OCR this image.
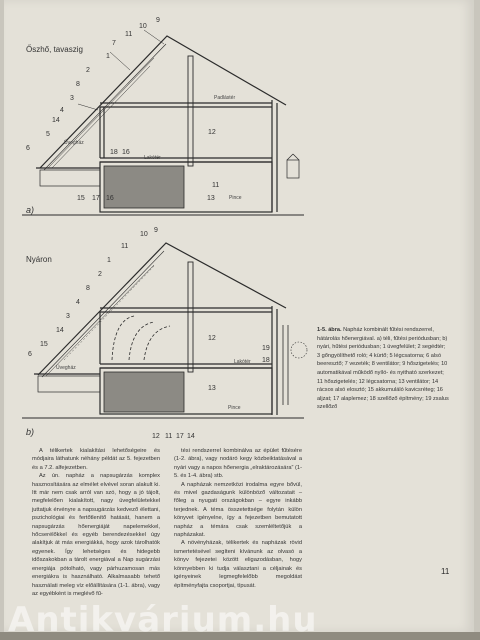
9
10
11
7
1
2
8
3
4
14
5
6
12
11
13
18 16
15 17 16
9
10
11
1
2
8
4
3
14
15
6
12
13
19
18
12 11 17 14
Őszhő, tavaszig
a)
Padlástér
Lakótér
Pince
Üvegház
Nyáron
b)
Lakótér
Pince
Üvegház
1-5. ábra. Napház kombinált fűtési rendszerrel, hátárolás hőenergiával. a) téli, fűtési periódusban; b) nyári, hűtési periódusban; 1 üvegfelület; 2 segédtér; 3 gőngyölíthető roló; 4 kürtő; 5 légcsatorna; 6 alsó beeresztő; 7 vezeték; 8 ventilátor; 9 hőszigetelés; 10 automatikával működő nyíló- és nyitható szerkezet; 11 hőszigetelés; 12 légcsatorna; 13 ventilátor; 14 rácsos alsó elosztó; 15 akkumuláló kavicsréteg; 16 aljzat; 17 alaplemez; 18 szellőző építmény; 19 zsalus szellőző

A télikertek kialakítási lehetőségeire és módjaira láthatunk néhány példát az 5. fejezetben és a 7.2. alfejezetben.

Az ún. napház a napsugárzás komplex hasznosítására az elmélet elvével soran alakult ki. Itt már nem csak arról van szó, hogy a jó tájolt, megfelelően kialakított, nagy üvegfelületekkel juttatjuk érvényre a napsugárzás kedvező élettani, pszichológiai és fertőtlenítő hatását, hanem a napsugárzás hőenergiáját napelemekkel, hőcserélőkkel és egyéb berendezésekkel úgy alakítjuk át más energiákká, hogy azok tárolhatók egyenek. Így lehetséges és hidegebb időszakokban a tárolt energiával a Nap sugárzási energiája pótolható, vagy párhuzamosan más energiákra is használható. Alkalmasabb tehető használati meleg víz előállítására (1-1. ábra), vagy az egyébként is meglévő fű-

tési rendszerrel kombinálva az épület fűtésére (1-2. ábra), vagy nodáró kegy közbeiktatásával a nyári vagy a napos hőenergia „elraktározására” (1-5. és 1-4. ábra) stb.

A napházak nemzetközi irodalma egyre bővül, és mivel gazdaságunk különböző változatait – főleg a nyugati országokban – egyre inkább terjednek. A téma összetettsége folytán külön könyvet igényelne, így a fejezetben bemutatott napház a témára csak szemléltetőjük a napházakat.

A növényházak, télikertek és napházak rövid ismertetésével segíteni kívánunk az olvasó a könyv fejezetei között eligazodásban, hogy könnyebben ki tudja választani a céljainak és igényeinek legmegfelelőbb megoldást építményfajta csoportjai, típusát.

11
Antikvárium.hu
